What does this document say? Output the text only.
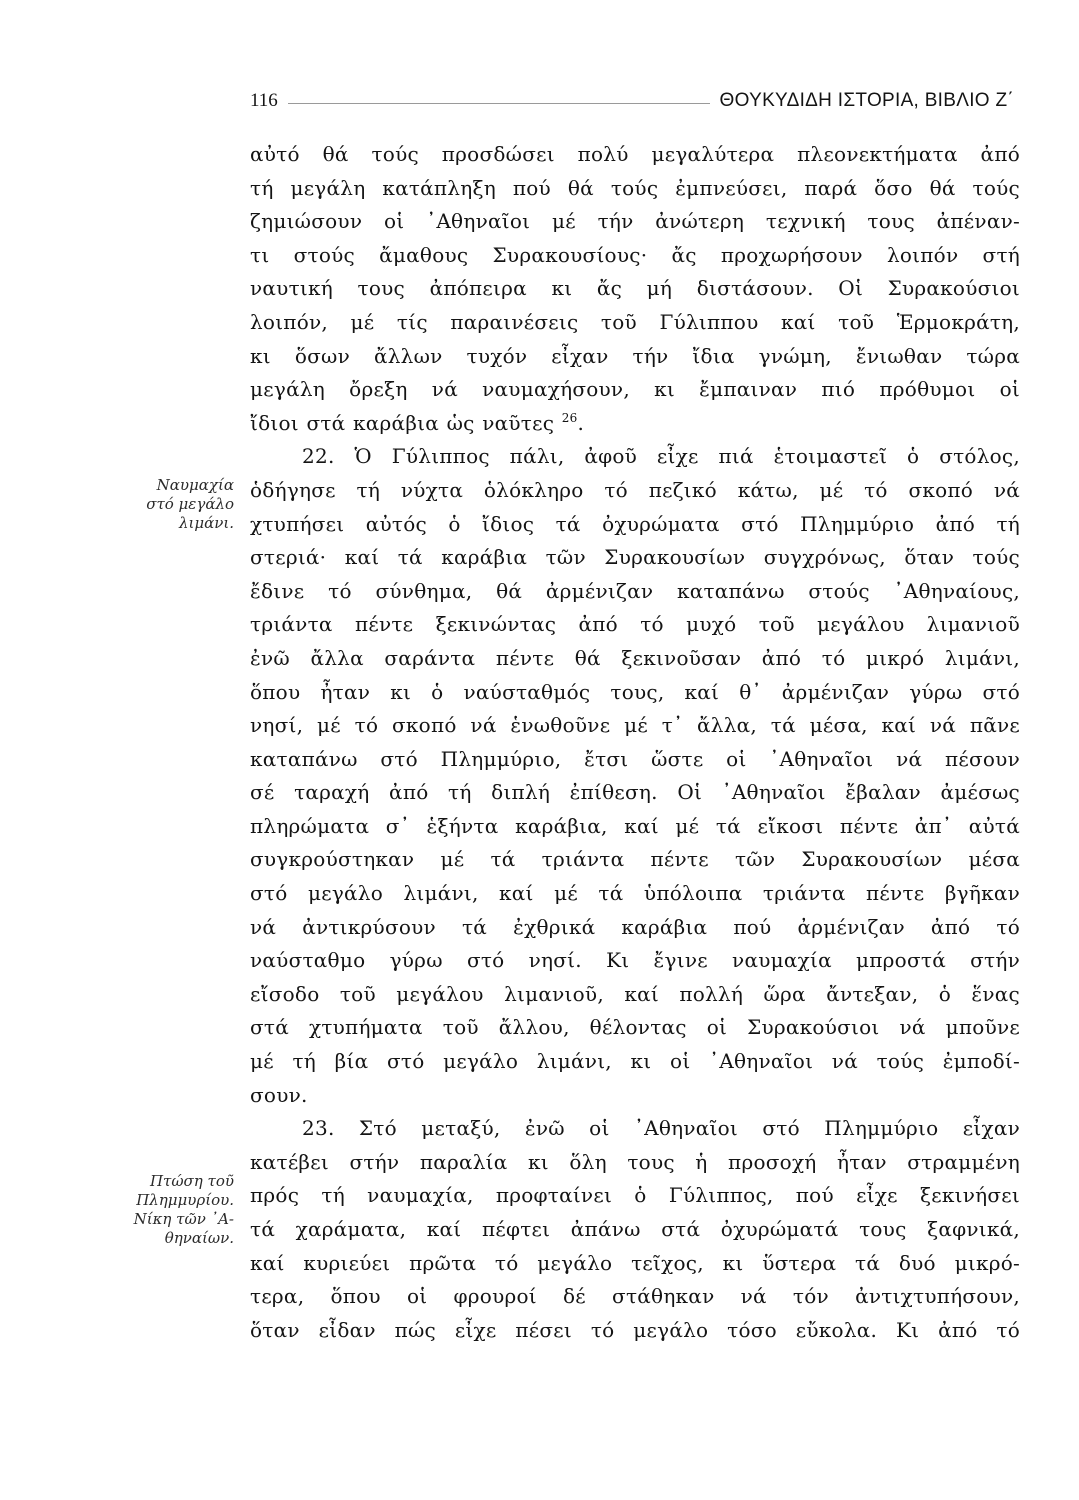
116	ΘΟΥΚΥΔΙΔΗ ΙΣΤΟΡΙΑ, ΒΙΒΛΙΟ Ζ΄
Ναυμαχία
στό μεγάλο
λιμάνι.
Πτώση τοῦ
Πλημμυρίου.
Νίκη τῶν ᾿Α-
θηναίων.
αὐτό θά τούς προσδώσει πολύ μεγαλύτερα πλεονεκτήματα ἀπό
τή μεγάλη κατάπληξη πού θά τούς ἐμπνεύσει, παρά ὅσο θά τούς
ζημιώσουν οἱ ᾿Αθηναῖοι μέ τήν ἀνώτερη τεχνική τους ἀπέναν-
τι στούς ἄμαθους Συρακουσίους· ἄς προχωρήσουν λοιπόν στή
ναυτική τους ἀπόπειρα κι ἄς μή διστάσουν. Οἱ Συρακούσιοι
λοιπόν, μέ τίς παραινέσεις τοῦ Γύλιππου καί τοῦ Ἑρμοκράτη,
κι ὅσων ἄλλων τυχόν εἶχαν τήν ἴδια γνώμη, ἔνιωθαν τώρα
μεγάλη ὄρεξη νά ναυμαχήσουν, κι ἔμπαιναν πιό πρόθυμοι οἱ
ἴδιοι στά καράβια ὡς ναῦτες $^{26}$.
22. Ὁ Γύλιππος πάλι, ἀφοῦ εἶχε πιά ἑτοιμαστεῖ ὁ στόλος,
ὁδήγησε τή νύχτα ὁλόκληρο τό πεζικό κάτω, μέ τό σκοπό νά
χτυπήσει αὐτός ὁ ἴδιος τά ὀχυρώματα στό Πλημμύριο ἀπό τή
στεριά· καί τά καράβια τῶν Συρακουσίων συγχρόνως, ὅταν τούς
ἔδινε τό σύνθημα, θά ἀρμένιζαν καταπάνω στούς ᾿Αθηναίους,
τριάντα πέντε ξεκινώντας ἀπό τό μυχό τοῦ μεγάλου λιμανιοῦ
ἐνῶ ἄλλα σαράντα πέντε θά ξεκινοῦσαν ἀπό τό μικρό λιμάνι,
ὅπου ἦταν κι ὁ ναύσταθμός τους, καί θ᾿ ἀρμένιζαν γύρω στό
νησί, μέ τό σκοπό νά ἑνωθοῦνε μέ τ᾿ ἄλλα, τά μέσα, καί νά πᾶνε
καταπάνω στό Πλημμύριο, ἔτσι ὥστε οἱ ᾿Αθηναῖοι νά πέσουν
σέ ταραχή ἀπό τή διπλή ἐπίθεση. Οἱ ᾿Αθηναῖοι ἔβαλαν ἀμέσως
πληρώματα σ᾿ ἑξήντα καράβια, καί μέ τά εἴκοσι πέντε ἀπ᾿ αὐτά
συγκρούστηκαν μέ τά τριάντα πέντε τῶν Συρακουσίων μέσα
στό μεγάλο λιμάνι, καί μέ τά ὑπόλοιπα τριάντα πέντε βγῆκαν
νά ἀντικρύσουν τά ἐχθρικά καράβια πού ἀρμένιζαν ἀπό τό
ναύσταθμο γύρω στό νησί. Κι ἔγινε ναυμαχία μπροστά στήν
εἴσοδο τοῦ μεγάλου λιμανιοῦ, καί πολλή ὥρα ἄντεξαν, ὁ ἕνας
στά χτυπήματα τοῦ ἄλλου, θέλοντας οἱ Συρακούσιοι νά μποῦνε
μέ τή βία στό μεγάλο λιμάνι, κι οἱ ᾿Αθηναῖοι νά τούς ἐμποδί-
σουν.
23. Στό μεταξύ, ἐνῶ οἱ ᾿Αθηναῖοι στό Πλημμύριο εἶχαν
κατέβει στήν παραλία κι ὅλη τους ἡ προσοχή ἦταν στραμμένη
πρός τή ναυμαχία, προφταίνει ὁ Γύλιππος, πού εἶχε ξεκινήσει
τά χαράματα, καί πέφτει ἀπάνω στά ὀχυρώματά τους ξαφνικά,
καί κυριεύει πρῶτα τό μεγάλο τεῖχος, κι ὕστερα τά δυό μικρό-
τερα, ὅπου οἱ φρουροί δέ στάθηκαν νά τόν ἀντιχτυπήσουν,
ὅταν εἶδαν πώς εἶχε πέσει τό μεγάλο τόσο εὔκολα. Κι ἀπό τό
